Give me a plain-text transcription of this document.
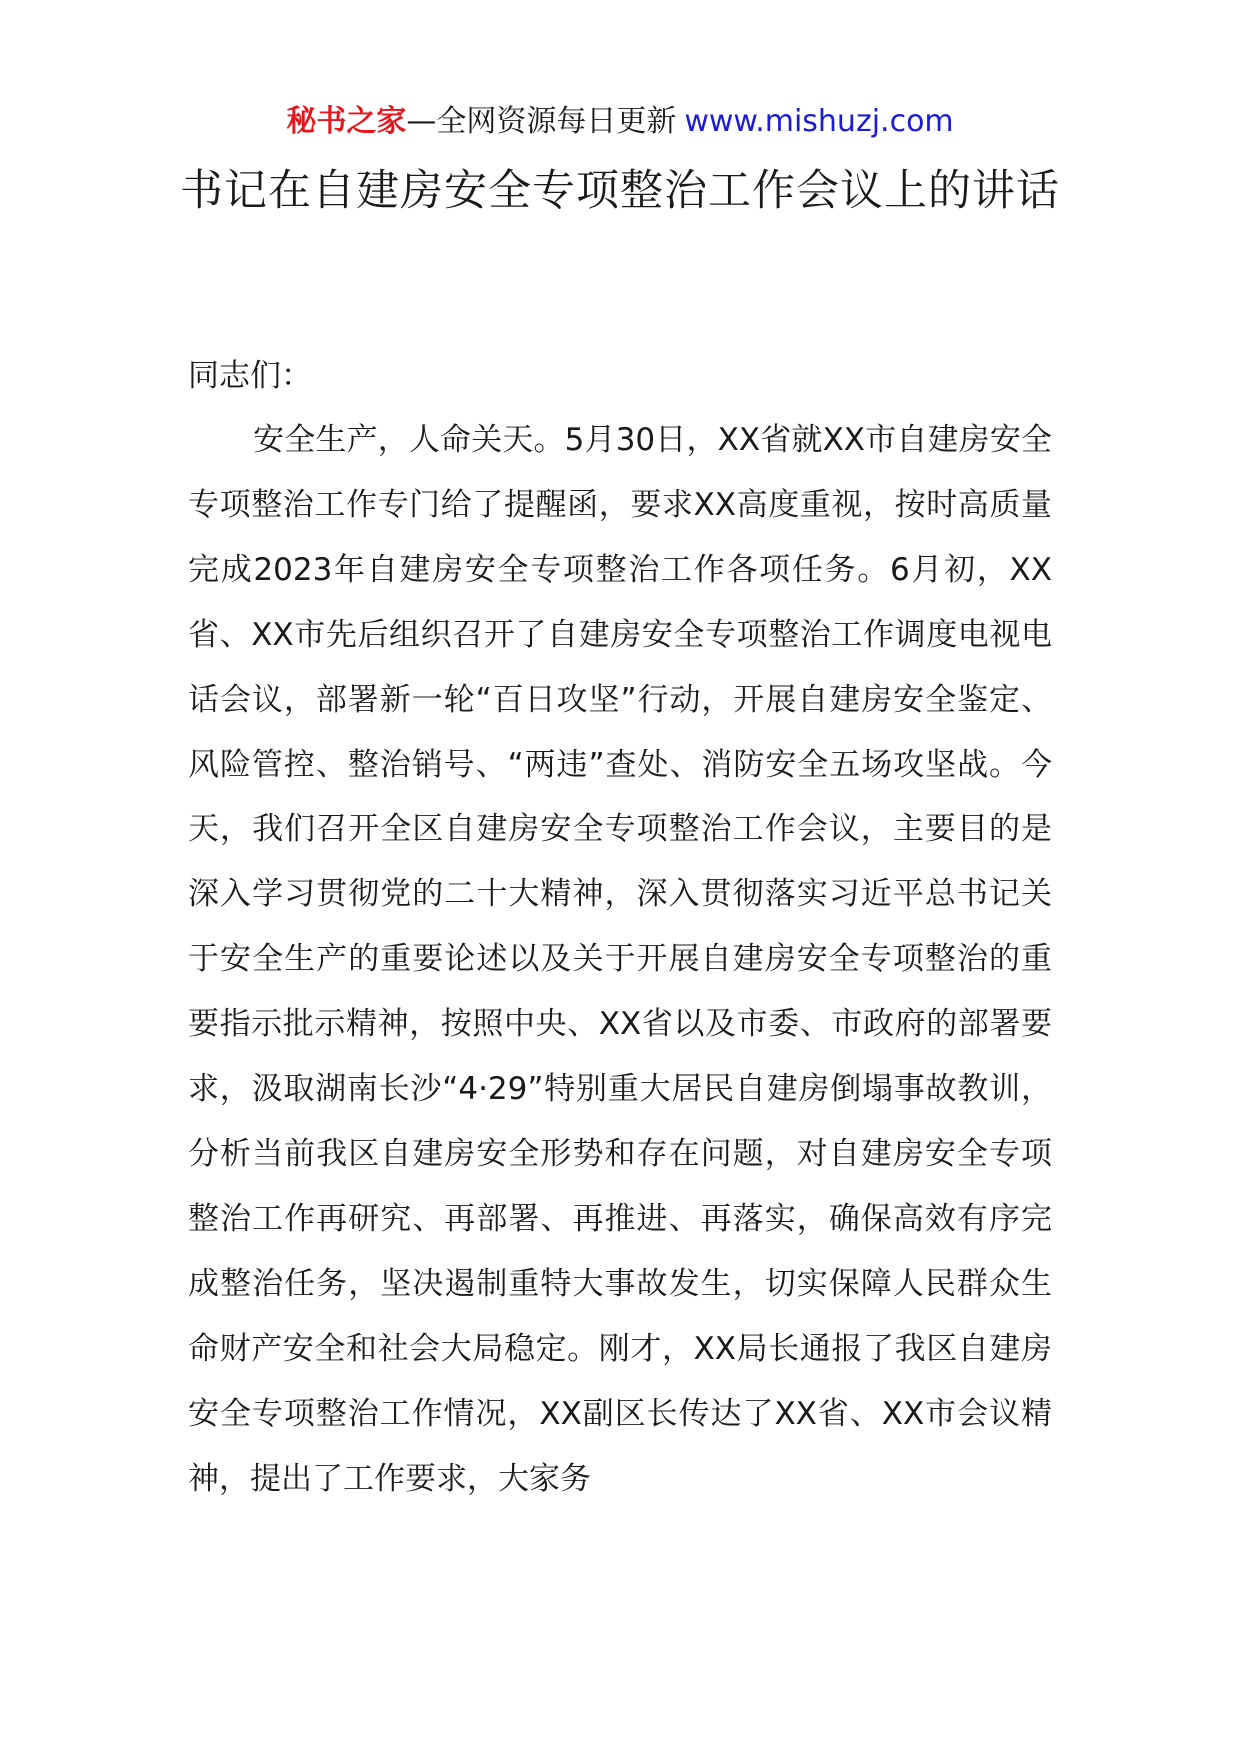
秘书之家—全网资源每日更新 www.mishuzj.com
书记在自建房安全专项整治工作会议上的讲话

同志们：

安全生产，人命关天。5月30日，XX省就XX市自建房安全专项整治工作专门给了提醒函，要求XX高度重视，按时高质量完成2023年自建房安全专项整治工作各项任务。6月初，XX省、XX市先后组织召开了自建房安全专项整治工作调度电视电话会议，部署新一轮“百日攻坚”行动，开展自建房安全鉴定、风险管控、整治销号、“两违”查处、消防安全五场攻坚战。今天，我们召开全区自建房安全专项整治工作会议，主要目的是深入学习贯彻党的二十大精神，深入贯彻落实习近平总书记关于安全生产的重要论述以及关于开展自建房安全专项整治的重要指示批示精神，按照中央、XX省以及市委、市政府的部署要求，汲取湖南长沙“4·29”特别重大居民自建房倒塌事故教训，分析当前我区自建房安全形势和存在问题，对自建房安全专项整治工作再研究、再部署、再推进、再落实，确保高效有序完成整治任务，坚决遏制重特大事故发生，切实保障人民群众生命财产安全和社会大局稳定。刚才，XX局长通报了我区自建房安全专项整治工作情况，XX副区长传达了XX省、XX市会议精神，提出了工作要求，大家务
